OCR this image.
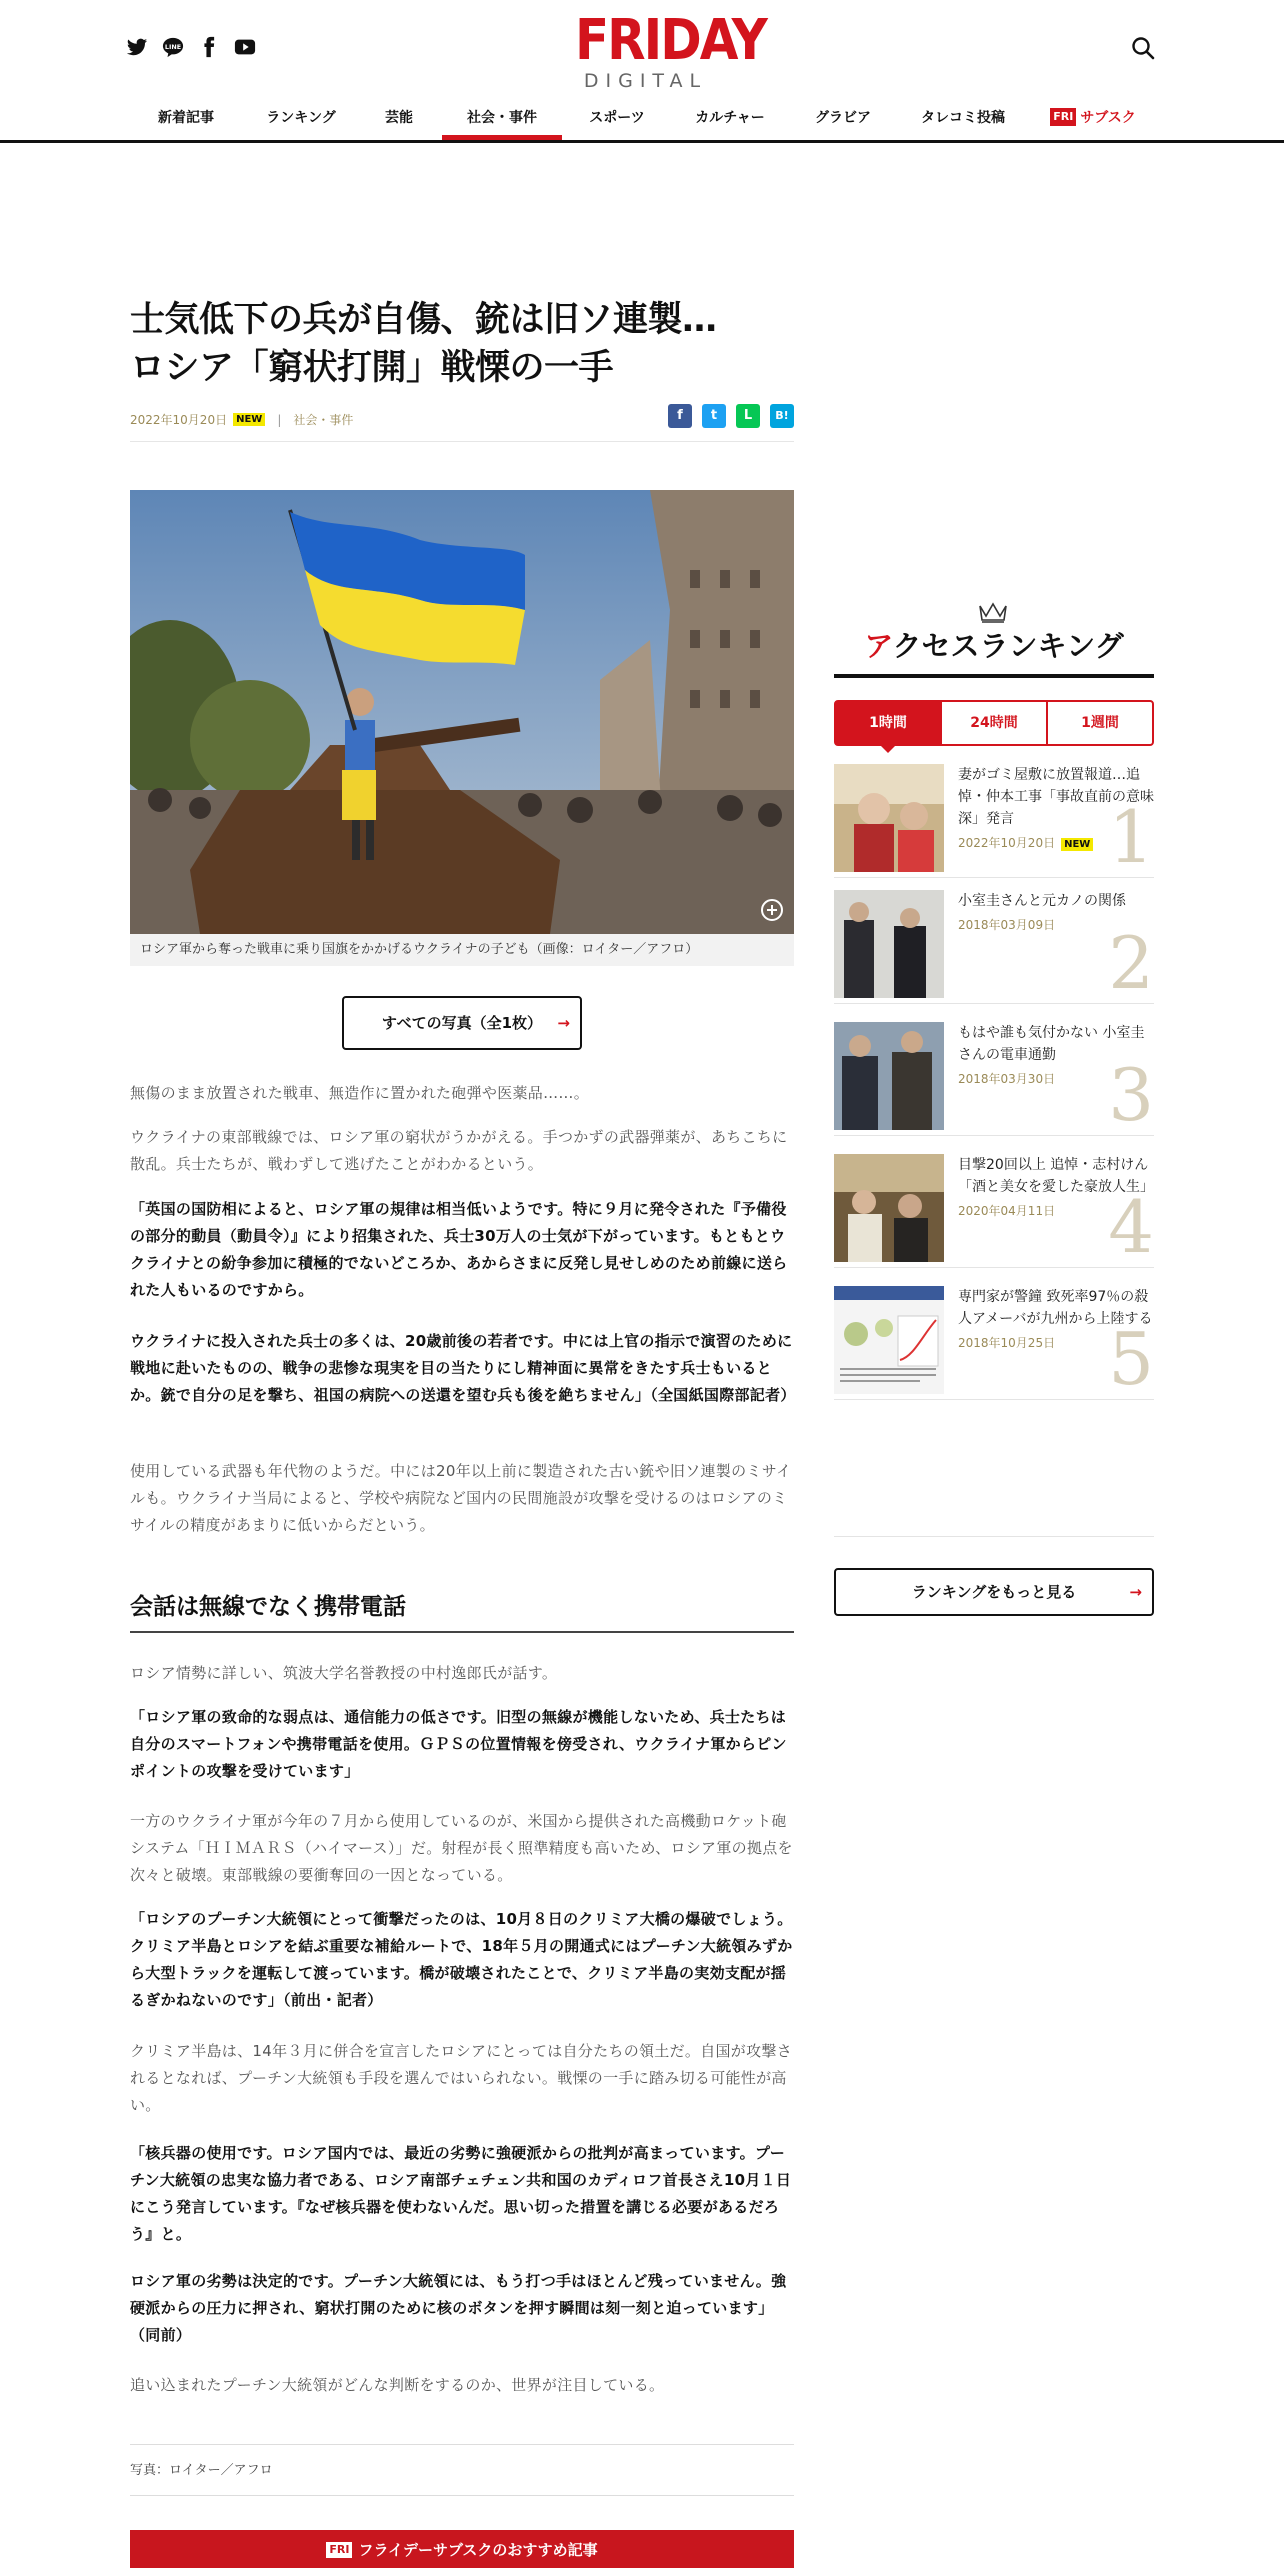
LINE	FRIDAY
DIGITAL
新着記事	ランキング	芸能	社会・事件	スポーツ	カルチャー	グラビア	タレコミ投稿	FRI サブスク
士気低下の兵が自傷、銃は旧ソ連製…
ロシア「窮状打開」戦慄の一手
2022年10月20日 NEW | 社会・事件	f	t	L	B!
ロシア軍から奪った戦車に乗り国旗をかかげるウクライナの子ども（画像：ロイター／アフロ）
すべての写真（全1枚） →

無傷のまま放置された戦車、無造作に置かれた砲弾や医薬品……。

ウクライナの東部戦線では、ロシア軍の窮状がうかがえる。手つかずの武器弾薬が、あちこちに散乱。兵士たちが、戦わずして逃げたことがわかるという。

「英国の国防相によると、ロシア軍の規律は相当低いようです。特に９月に発令された『予備役の部分的動員（動員令）』により招集された、兵士30万人の士気が下がっています。もともとウクライナとの紛争参加に積極的でないどころか、あからさまに反発し見せしめのため前線に送られた人もいるのですから。

ウクライナに投入された兵士の多くは、20歳前後の若者です。中には上官の指示で演習のために戦地に赴いたものの、戦争の悲惨な現実を目の当たりにし精神面に異常をきたす兵士もいるとか。銃で自分の足を撃ち、祖国の病院への送還を望む兵も後を絶ちません」（全国紙国際部記者）

使用している武器も年代物のようだ。中には20年以上前に製造された古い銃や旧ソ連製のミサイルも。ウクライナ当局によると、学校や病院など国内の民間施設が攻撃を受けるのはロシアのミサイルの精度があまりに低いからだという。

会話は無線でなく携帯電話

ロシア情勢に詳しい、筑波大学名誉教授の中村逸郎氏が話す。

「ロシア軍の致命的な弱点は、通信能力の低さです。旧型の無線が機能しないため、兵士たちは自分のスマートフォンや携帯電話を使用。ＧＰＳの位置情報を傍受され、ウクライナ軍からピンポイントの攻撃を受けています」

一方のウクライナ軍が今年の７月から使用しているのが、米国から提供された高機動ロケット砲システム「ＨＩＭＡＲＳ（ハイマース）」だ。射程が長く照準精度も高いため、ロシア軍の拠点を次々と破壊。東部戦線の要衝奪回の一因となっている。

「ロシアのプーチン大統領にとって衝撃だったのは、10月８日のクリミア大橋の爆破でしょう。クリミア半島とロシアを結ぶ重要な補給ルートで、18年５月の開通式にはプーチン大統領みずから大型トラックを運転して渡っています。橋が破壊されたことで、クリミア半島の実効支配が揺るぎかねないのです」（前出・記者）

クリミア半島は、14年３月に併合を宣言したロシアにとっては自分たちの領土だ。自国が攻撃されるとなれば、プーチン大統領も手段を選んではいられない。戦慄の一手に踏み切る可能性が高い。

「核兵器の使用です。ロシア国内では、最近の劣勢に強硬派からの批判が高まっています。プーチン大統領の忠実な協力者である、ロシア南部チェチェン共和国のカディロフ首長さえ10月１日にこう発言しています。『なぜ核兵器を使わないんだ。思い切った措置を講じる必要があるだろう』と。

ロシア軍の劣勢は決定的です。プーチン大統領には、もう打つ手はほとんど残っていません。強硬派からの圧力に押され、窮状打開のために核のボタンを押す瞬間は刻一刻と迫っています」（同前）

追い込まれたプーチン大統領がどんな判断をするのか、世界が注目している。

写真：ロイター／アフロ
FRI フライデーサブスクのおすすめ記事
アクセスランキング
1時間	24時間	1週間
妻がゴミ屋敷に放置報道…追悼・仲本工事「事故直前の意味深」発言
2022年10月20日 NEW 1
小室圭さんと元カノの関係
2018年03月09日 2
もはや誰も気付かない 小室圭さんの電車通勤
2018年03月30日 3
目撃20回以上 追悼・志村けん「酒と美女を愛した豪放人生」
2020年04月11日 4
専門家が警鐘 致死率97％の殺人アメーバが九州から上陸する
2018年10月25日 5
ランキングをもっと見る	→
